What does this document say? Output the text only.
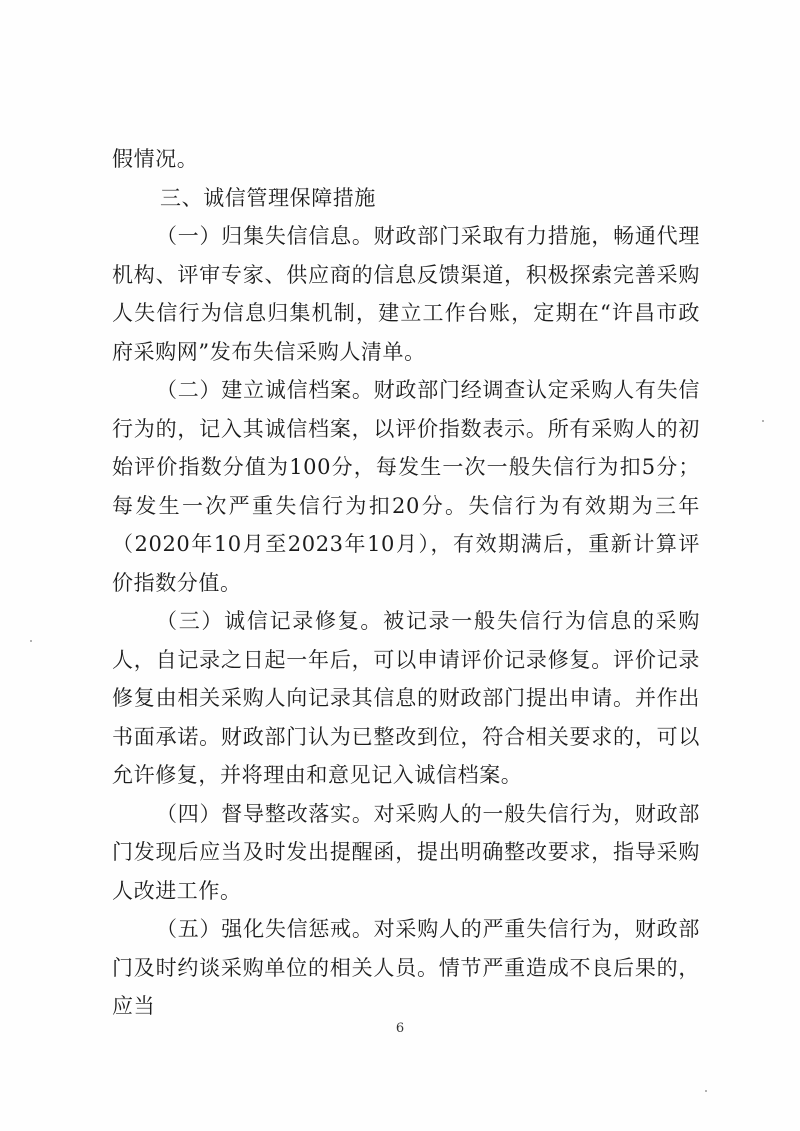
假情况。

三、诚信管理保障措施

（一）归集失信信息。财政部门采取有力措施，畅通代理机构、评审专家、供应商的信息反馈渠道，积极探索完善采购人失信行为信息归集机制，建立工作台账，定期在“许昌市政府采购网”发布失信采购人清单。

（二）建立诚信档案。财政部门经调查认定采购人有失信行为的，记入其诚信档案，以评价指数表示。所有采购人的初始评价指数分值为100分，每发生一次一般失信行为扣5分；每发生一次严重失信行为扣20分。失信行为有效期为三年（2020年10月至2023年10月），有效期满后，重新计算评价指数分值。

（三）诚信记录修复。被记录一般失信行为信息的采购人，自记录之日起一年后，可以申请评价记录修复。评价记录修复由相关采购人向记录其信息的财政部门提出申请。并作出书面承诺。财政部门认为已整改到位，符合相关要求的，可以允许修复，并将理由和意见记入诚信档案。

（四）督导整改落实。对采购人的一般失信行为，财政部门发现后应当及时发出提醒函，提出明确整改要求，指导采购人改进工作。

（五）强化失信惩戒。对采购人的严重失信行为，财政部门及时约谈采购单位的相关人员。情节严重造成不良后果的，应当

6
